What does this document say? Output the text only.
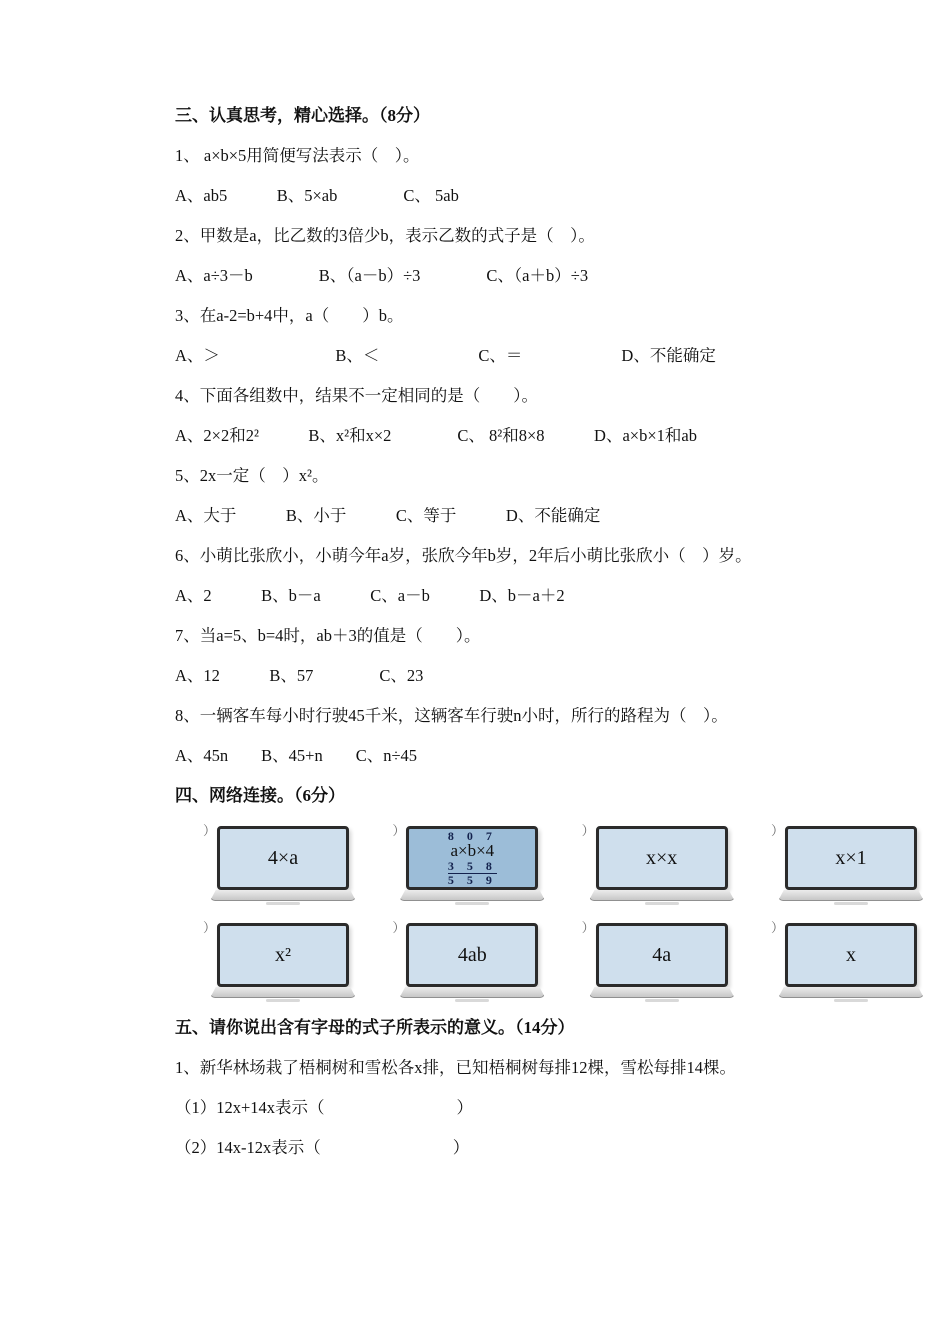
三、认真思考，精心选择。（8分）
1、 a×b×5用简便写法表示（　）。
A、ab5　　　B、5×ab　　　　C、 5ab
2、甲数是a，比乙数的3倍少b，表示乙数的式子是（　）。
A、a÷3－b　　　　B、（a－b）÷3　　　　C、（a＋b）÷3
3、在a-2=b+4中，a（　　）b。
A、＞　　　　　　　B、＜　　　　　　C、＝　　　　　　D、不能确定
4、下面各组数中，结果不一定相同的是（　　）。
A、2×2和2²　　　B、x²和x×2　　　　C、 8²和8×8　　　D、a×b×1和ab
5、2x一定（　）x²。
A、大于　　　B、小于　　　C、等于　　　D、不能确定
6、小萌比张欣小，小萌今年a岁，张欣今年b岁，2年后小萌比张欣小（　）岁。
A、2　　　B、b－a　　　C、a－b　　　D、b－a＋2
7、当a=5、b=4时，ab＋3的值是（　　）。
A、12　　　B、57　　　　C、23
8、一辆客车每小时行驶45千米，这辆客车行驶n小时，所行的路程为（　）。
A、45n　　B、45+n　　C、n÷45
四、网络连接。（6分）
）
4×a
）	8 0 7
a×b×4
3 5 8
5 5 9
）
x×x
）
x×1
）
x²
）
4ab
）
4a
）
x
五、请你说出含有字母的式子所表示的意义。（14分）
1、新华林场栽了梧桐树和雪松各x排，已知梧桐树每排12棵，雪松每排14棵。
（1）12x+14x表示（　　　　　　　　）
（2）14x-12x表示（　　　　　　　　）
